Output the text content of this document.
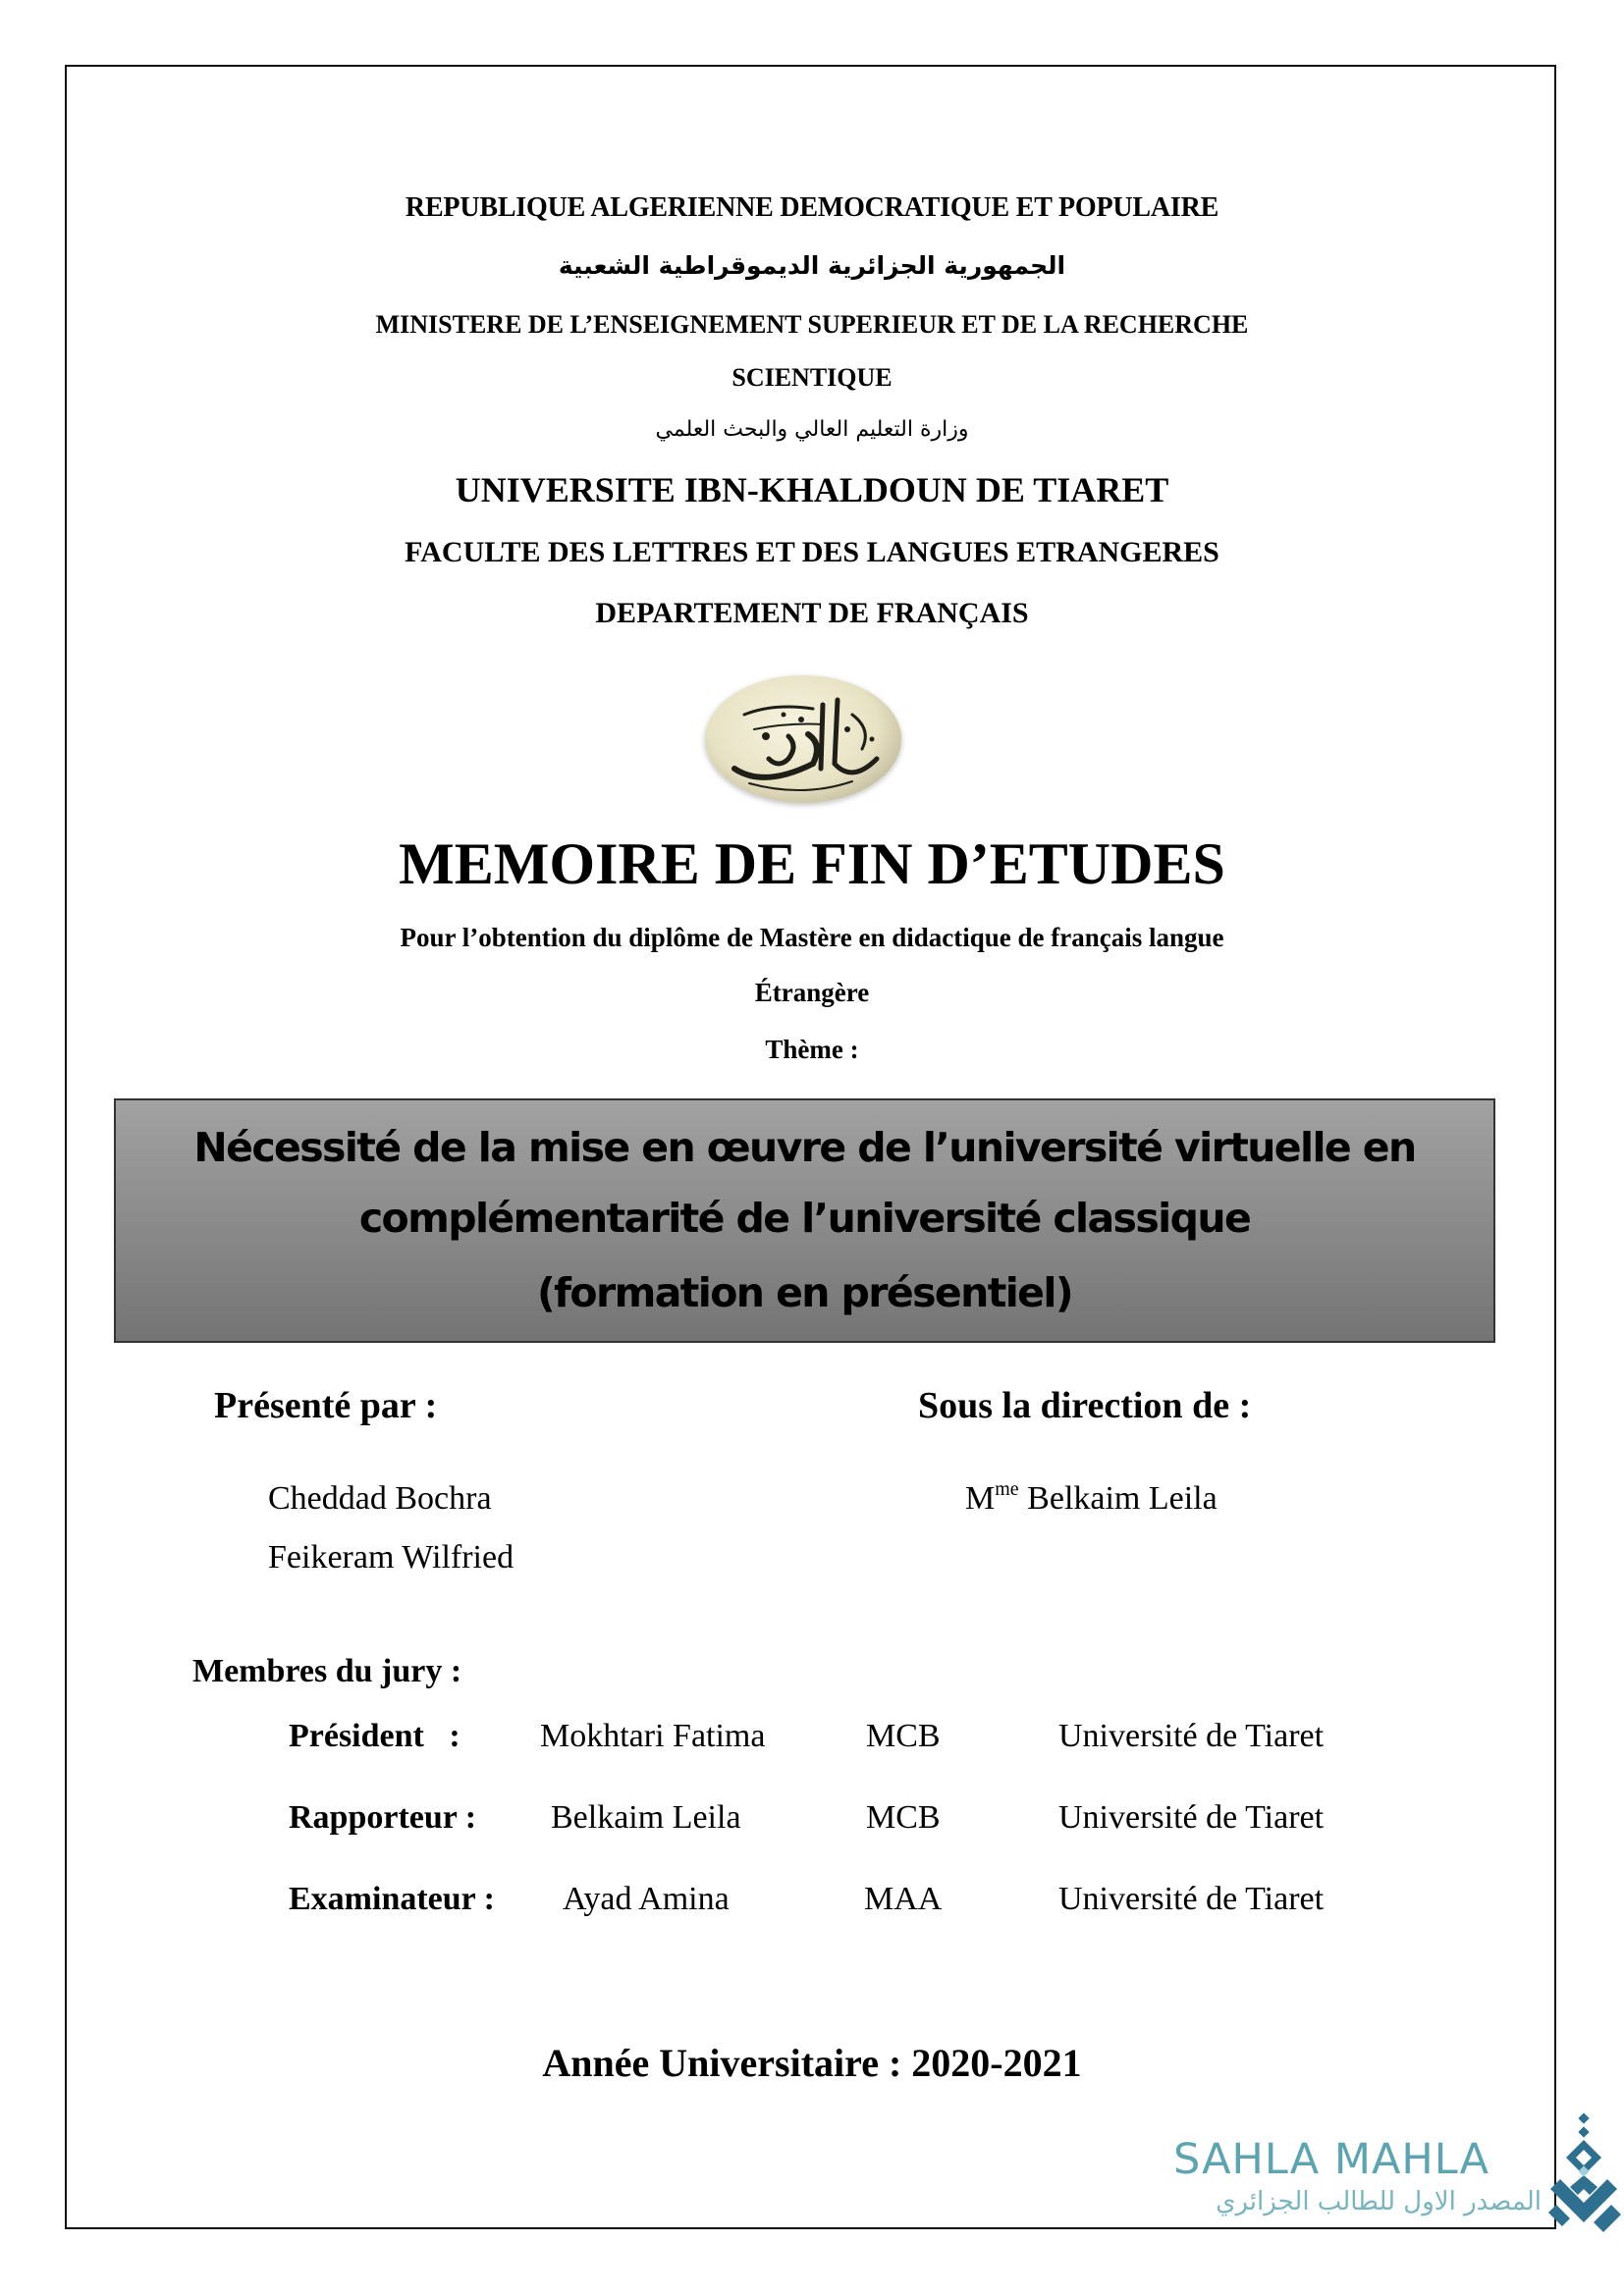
REPUBLIQUE ALGERIENNE DEMOCRATIQUE ET POPULAIRE
الجمهورية الجزائرية الديموقراطية الشعبية
MINISTERE DE L’ENSEIGNEMENT SUPERIEUR ET DE LA RECHERCHE
SCIENTIQUE
وزارة التعليم العالي والبحث العلمي
UNIVERSITE IBN-KHALDOUN DE TIARET
FACULTE DES LETTRES ET DES LANGUES ETRANGERES
DEPARTEMENT DE FRANÇAIS
MEMOIRE DE FIN D’ETUDES
Pour l’obtention du diplôme de Mastère en didactique de français langue
Étrangère
Thème :
Nécessité de la mise en œuvre de l’université virtuelle en
complémentarité de l’université classique
(formation en présentiel)
Présenté par :	Sous la direction de :
Cheddad Bochra
Feikeram Wilfried
$M^{me}$ Belkaim Leila
Membres du jury :
Président   : Mokhtari Fatima	MCB	Université de Tiaret
Rapporteur : Belkaim Leila	MCB	Université de Tiaret
Examinateur : Ayad Amina	MAA	Université de Tiaret
Année Universitaire : 2020-2021
SAHLA MAHLA
المصدر الاول للطالب الجزائري
